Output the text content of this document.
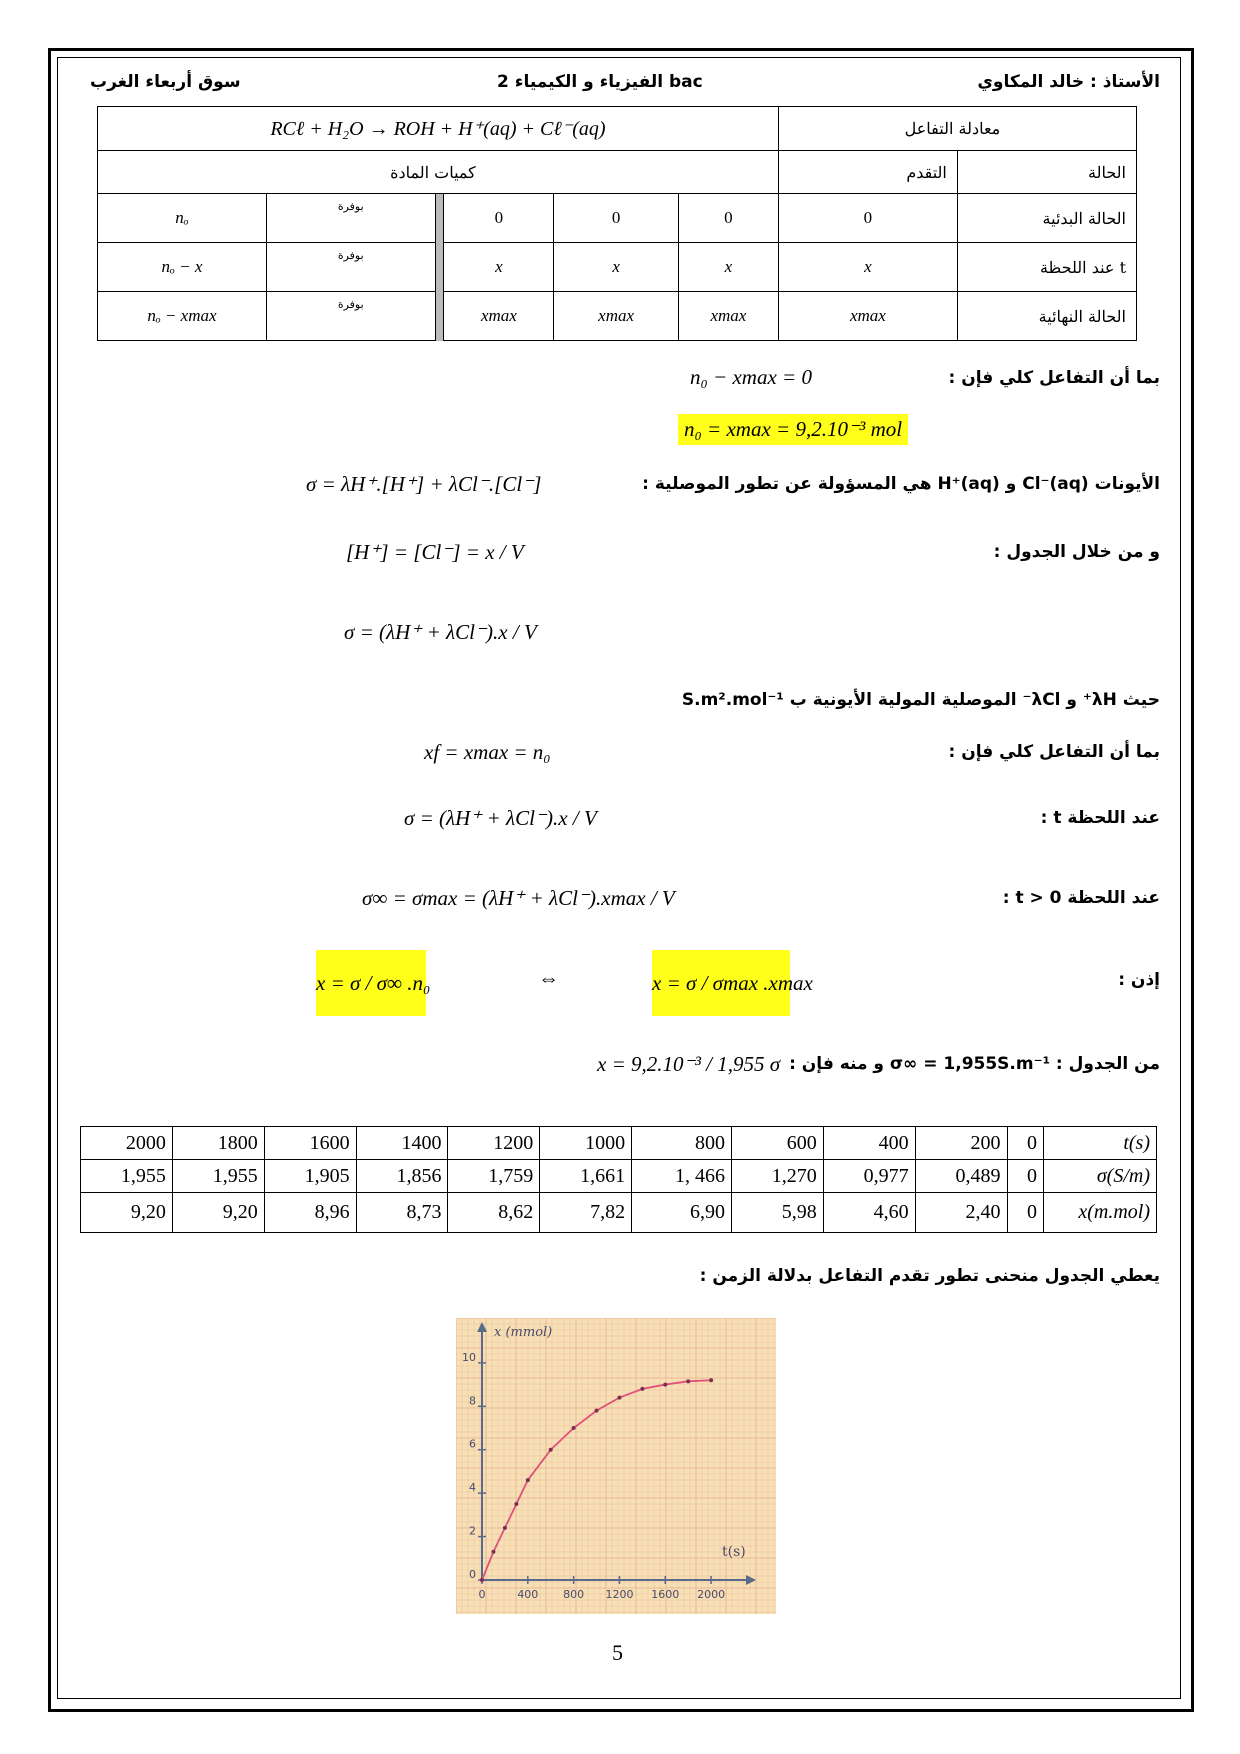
سوق أربعاء الغرب	الفيزياء و الكيمياء 2 bac	الأستاذ : خالد المكاوي
RCℓ + H₂O → ROH + H⁺(aq) + Cℓ⁻(aq)						معادلة التفاعل	
كميات المادة						التقدم	الحالة
nₒ	بوفرة		0	0	0	0	الحالة البدئية
nₒ − x	بوفرة		x	x	x	x	عند اللحظة t
nₒ − xmax	بوفرة		xmax	xmax	xmax	xmax	الحالة النهائية
بما أن التفاعل كلي فإن :
n₀ − xmax = 0
n₀ = xmax = 9,2.10⁻³ mol
الأيونات Cl⁻(aq) و H⁺(aq) هي المسؤولة عن تطور الموصلية :
σ = λH⁺.[H⁺] + λCl⁻.[Cl⁻]
و من خلال الجدول :
[H⁺] = [Cl⁻] = x / V
σ = (λH⁺ + λCl⁻).x / V
حيث λH⁺ و λCl⁻ الموصلية المولية الأيونية ب S.m².mol⁻¹
بما أن التفاعل كلي فإن :
xf = xmax = n₀
عند اللحظة t :
σ = (λH⁺ + λCl⁻).x / V
عند اللحظة t > 0 :
σ∞ = σmax = (λH⁺ + λCl⁻).xmax / V
إذن :
x = σ / σ∞ .n₀	⇔	x = σ / σmax .xmax
من الجدول : σ∞ = 1,955S.m⁻¹ و منه فإن :
x = 9,2.10⁻³ / 1,955 σ
2000	1800	1600	1400	1200	1000	800	600	400	200	0	t(s)
1,955	1,955	1,905	1,856	1,759	1,661	1, 466	1,270	0,977	0,489	0	σ(S/m)
9,20	9,20	8,96	8,73	8,62	7,82	6,90	5,98	4,60	2,40	0	x(m.mol)
يعطي الجدول منحنى تطور تقدم التفاعل بدلالة الزمن :
0	400 800 1200 1600 2000
0
2
4
6
8
10
x (mmol)
t(s)
5
